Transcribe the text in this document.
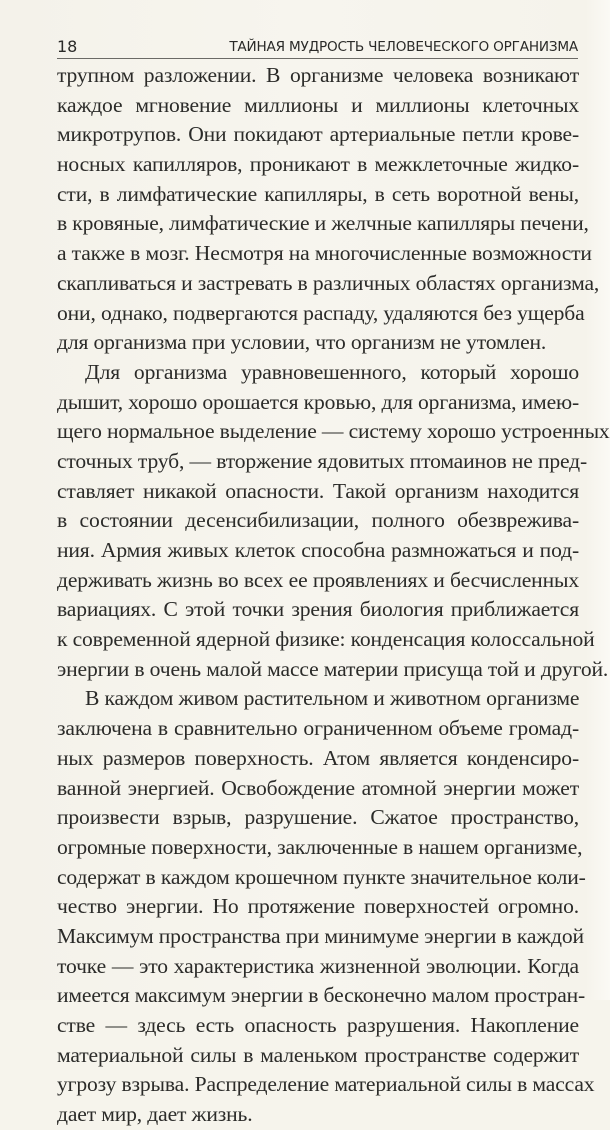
18	ТАЙНАЯ МУДРОСТЬ ЧЕЛОВЕЧЕСКОГО ОРГАНИЗМА
трупном разложении. В организме человека возникают
каждое мгновение миллионы и миллионы клеточных
микротрупов. Они покидают артериальные петли крове-
носных капилляров, проникают в межклеточные жидко-
сти, в лимфатические капилляры, в сеть воротной вены,
в кровяные, лимфатические и желчные капилляры печени,
а также в мозг. Несмотря на многочисленные возможности
скапливаться и застревать в различных областях организма,
они, однако, подвергаются распаду, удаляются без ущерба
для организма при условии, что организм не утомлен.
Для организма уравновешенного, который хорошо
дышит, хорошо орошается кровью, для организма, имею-
щего нормальное выделение — систему хорошо устроенных
сточных труб, — вторжение ядовитых птомаинов не пред-
ставляет никакой опасности. Такой организм находится
в состоянии десенсибилизации, полного обезврежива-
ния. Армия живых клеток способна размножаться и под-
держивать жизнь во всех ее проявлениях и бесчисленных
вариациях. С этой точки зрения биология приближается
к современной ядерной физике: конденсация колоссальной
энергии в очень малой массе материи присуща той и другой.
В каждом живом растительном и животном организме
заключена в сравнительно ограниченном объеме громад-
ных размеров поверхность. Атом является конденсиро-
ванной энергией. Освобождение атомной энергии может
произвести взрыв, разрушение. Сжатое пространство,
огромные поверхности, заключенные в нашем организме,
содержат в каждом крошечном пункте значительное коли-
чество энергии. Но протяжение поверхностей огромно.
Максимум пространства при минимуме энергии в каждой
точке — это характеристика жизненной эволюции. Когда
имеется максимум энергии в бесконечно малом простран-
стве — здесь есть опасность разрушения. Накопление
материальной силы в маленьком пространстве содержит
угрозу взрыва. Распределение материальной силы в массах
дает мир, дает жизнь.
